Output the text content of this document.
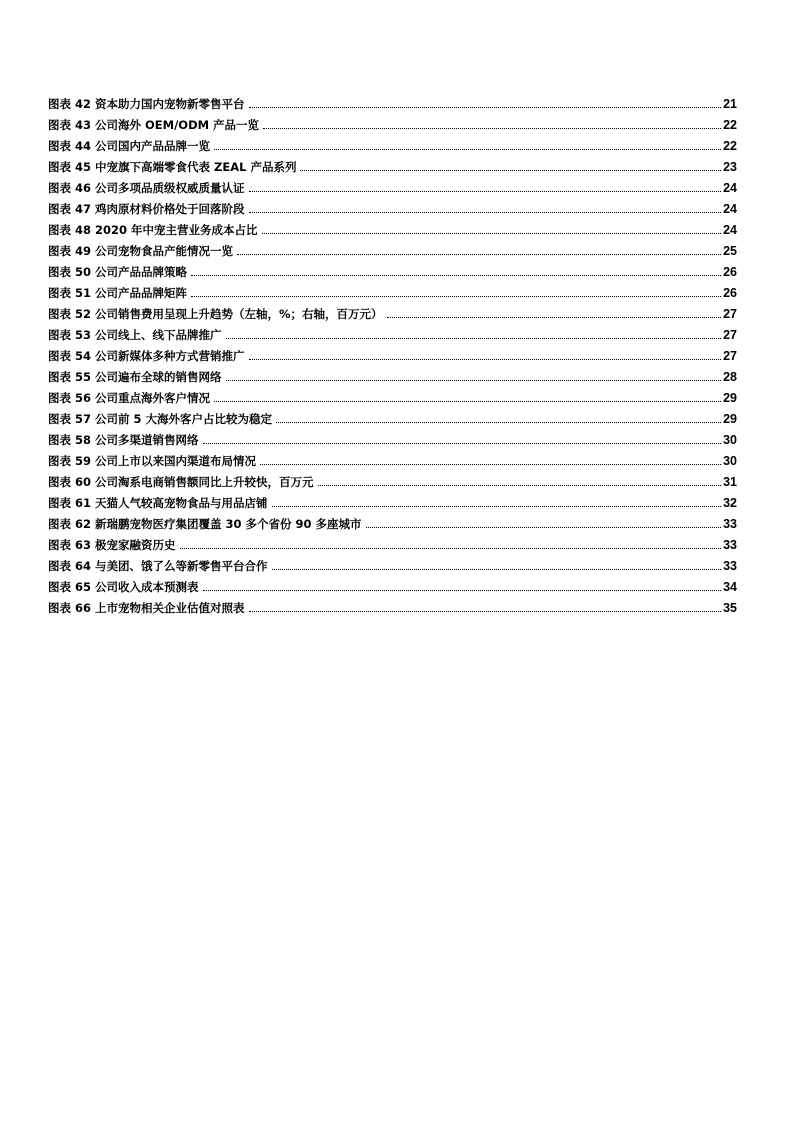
图表 42 资本助力国内宠物新零售平台	21
图表 43 公司海外 OEM/ODM 产品一览	22
图表 44 公司国内产品品牌一览	22
图表 45 中宠旗下高端零食代表 ZEAL 产品系列	23
图表 46 公司多项品质级权威质量认证	24
图表 47 鸡肉原材料价格处于回落阶段	24
图表 48 2020 年中宠主营业务成本占比	24
图表 49 公司宠物食品产能情况一览	25
图表 50 公司产品品牌策略	26
图表 51 公司产品品牌矩阵	26
图表 52 公司销售费用呈现上升趋势（左轴，%；右轴，百万元）	27
图表 53 公司线上、线下品牌推广	27
图表 54 公司新媒体多种方式营销推广	27
图表 55 公司遍布全球的销售网络	28
图表 56 公司重点海外客户情况	29
图表 57 公司前 5 大海外客户占比较为稳定	29
图表 58 公司多渠道销售网络	30
图表 59 公司上市以来国内渠道布局情况	30
图表 60 公司淘系电商销售额同比上升较快，百万元	31
图表 61 天猫人气较高宠物食品与用品店铺	32
图表 62 新瑞鹏宠物医疗集团覆盖 30 多个省份 90 多座城市	33
图表 63 极宠家融资历史	33
图表 64 与美团、饿了么等新零售平台合作	33
图表 65 公司收入成本预测表	34
图表 66 上市宠物相关企业估值对照表	35
